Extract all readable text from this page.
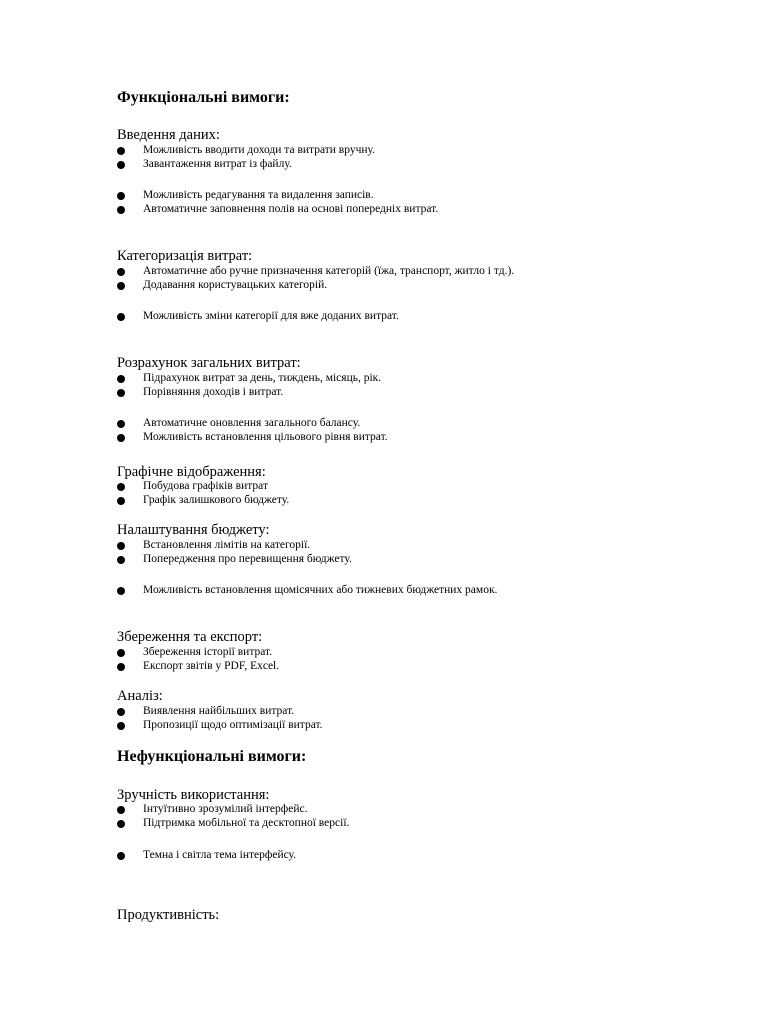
Функціональні вимоги:
Введення даних:
Можливість вводити доходи та витрати вручну.
Завантаження витрат із файлу.
Можливість редагування та видалення записів.
Автоматичне заповнення полів на основі попередніх витрат.
Категоризація витрат:
Автоматичне або ручне призначення категорій (їжа, транспорт, житло і тд.).
Додавання користувацьких категорій.
Можливість зміни категорії для вже доданих витрат.
Розрахунок загальних витрат:
Підрахунок витрат за день, тиждень, місяць, рік.
Порівняння доходів і витрат.
Автоматичне оновлення загального балансу.
Можливість встановлення цільового рівня витрат.
Графічне відображення:
Побудова графіків витрат
Графік залишкового бюджету.
Налаштування бюджету:
Встановлення лімітів на категорії.
Попередження про перевищення бюджету.
Можливість встановлення щомісячних або тижневих бюджетних рамок.
Збереження та експорт:
Збереження історії витрат.
Експорт звітів у PDF, Excel.
Аналіз:
Виявлення найбільших витрат.
Пропозиції щодо оптимізації витрат.
Нефункціональні вимоги:
Зручність використання:
Інтуїтивно зрозумілий інтерфейс.
Підтримка мобільної та десктопної версії.
Темна і світла тема інтерфейсу.
Продуктивність:
